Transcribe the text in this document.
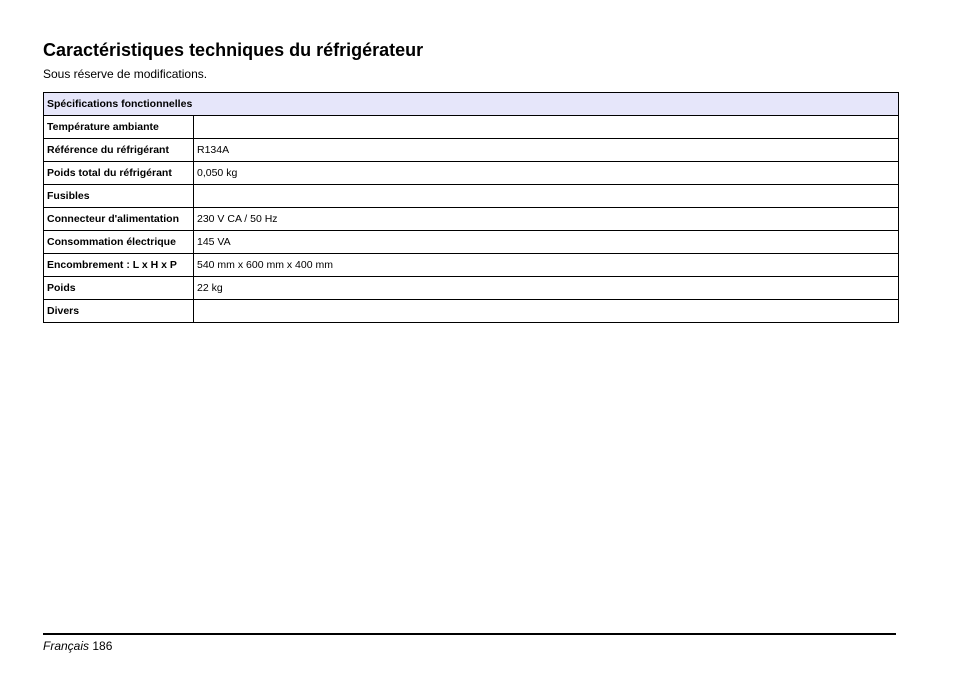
Caractéristiques techniques du réfrigérateur

Sous réserve de modifications.

Spécifications fonctionnelles	
Température ambiante	
Référence du réfrigérant	R134A
Poids total du réfrigérant	0,050 kg
Fusibles	
Connecteur d'alimentation	230 V CA / 50 Hz
Consommation électrique	145 VA
Encombrement : L x H x P	540 mm x 600 mm x 400 mm
Poids	22 kg
Divers	
Français 186
